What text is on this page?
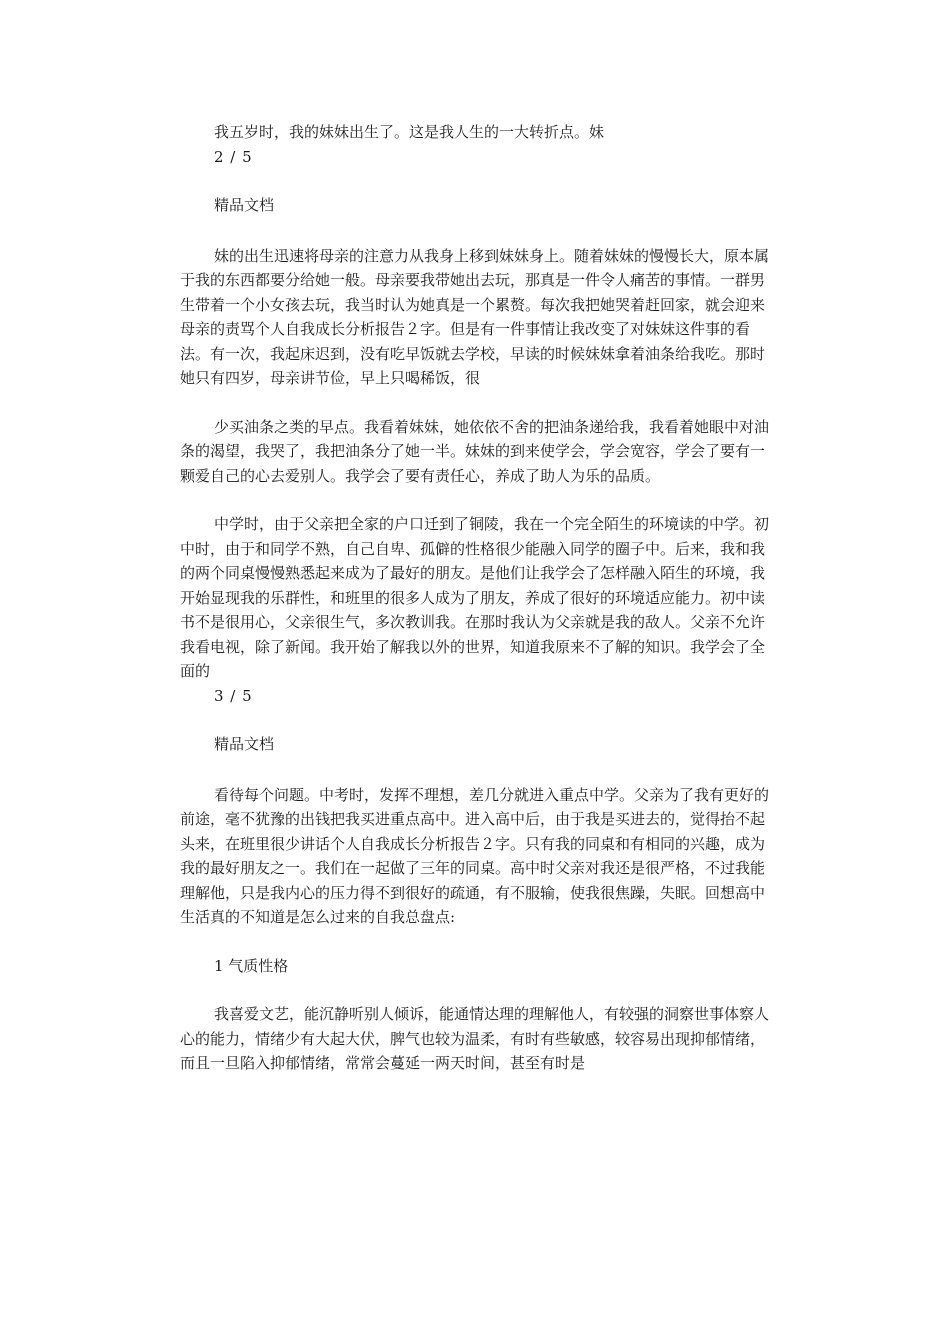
我五岁时，我的妹妹出生了。这是我人生的一大转折点。妹

2 / 5

精品文档

妹的出生迅速将母亲的注意力从我身上移到妹妹身上。随着妹妹的慢慢长大，原本属于我的东西都要分给她一般。母亲要我带她出去玩，那真是一件令人痛苦的事情。一群男生带着一个小女孩去玩，我当时认为她真是一个累赘。每次我把她哭着赶回家，就会迎来母亲的责骂个人自我成长分析报告２字。但是有一件事情让我改变了对妹妹这件事的看法。有一次，我起床迟到，没有吃早饭就去学校，早读的时候妹妹拿着油条给我吃。那时她只有四岁，母亲讲节俭，早上只喝稀饭，很

少买油条之类的早点。我看着妹妹，她依依不舍的把油条递给我，我看着她眼中对油条的渴望，我哭了，我把油条分了她一半。妹妹的到来使学会，学会宽容，学会了要有一颗爱自己的心去爱别人。我学会了要有责任心，养成了助人为乐的品质。

中学时，由于父亲把全家的户口迁到了铜陵，我在一个完全陌生的环境读的中学。初中时，由于和同学不熟，自己自卑、孤僻的性格很少能融入同学的圈子中。后来，我和我的两个同桌慢慢熟悉起来成为了最好的朋友。是他们让我学会了怎样融入陌生的环境，我开始显现我的乐群性，和班里的很多人成为了朋友，养成了很好的环境适应能力。初中读书不是很用心，父亲很生气，多次教训我。在那时我认为父亲就是我的敌人。父亲不允许我看电视，除了新闻。我开始了解我以外的世界，知道我原来不了解的知识。我学会了全面的

3 / 5

精品文档

看待每个问题。中考时，发挥不理想，差几分就进入重点中学。父亲为了我有更好的前途，毫不犹豫的出钱把我买进重点高中。进入高中后，由于我是买进去的，觉得抬不起头来，在班里很少讲话个人自我成长分析报告２字。只有我的同桌和有相同的兴趣，成为我的最好朋友之一。我们在一起做了三年的同桌。高中时父亲对我还是很严格，不过我能理解他，只是我内心的压力得不到很好的疏通，有不服输，使我很焦躁，失眠。回想高中生活真的不知道是怎么过来的自我总盘点:

1 气质性格

我喜爱文艺，能沉静听别人倾诉，能通情达理的理解他人，有较强的洞察世事体察人心的能力，情绪少有大起大伏，脾气也较为温柔，有时有些敏感，较容易出现抑郁情绪，而且一旦陷入抑郁情绪，常常会蔓延一两天时间，甚至有时是
